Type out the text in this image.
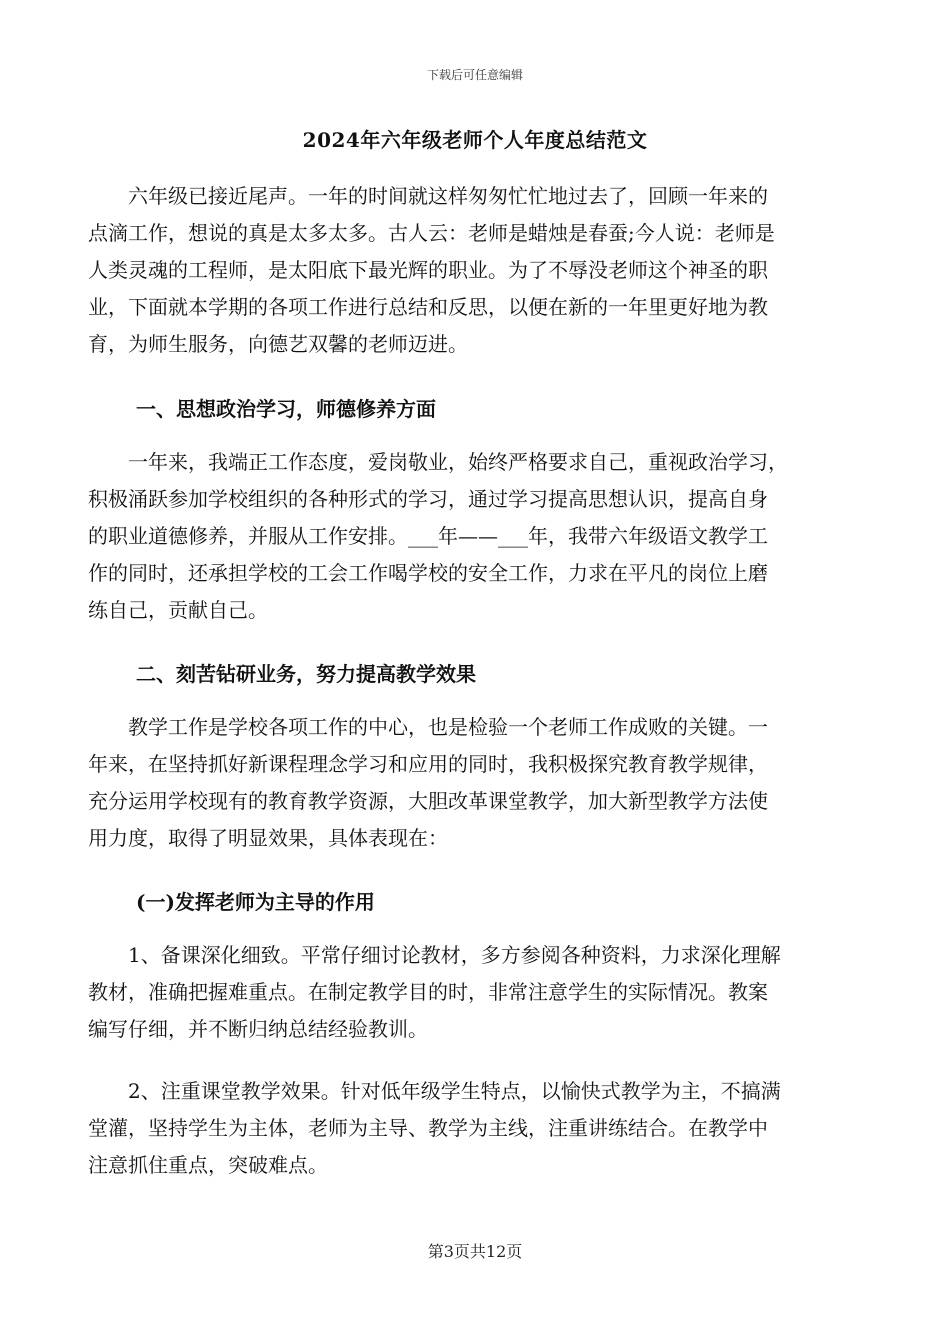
下载后可任意编辑
2024年六年级老师个人年度总结范文
　　六年级已接近尾声。一年的时间就这样匆匆忙忙地过去了，回顾一年来的
点滴工作，想说的真是太多太多。古人云：老师是蜡烛是春蚕;今人说：老师是
人类灵魂的工程师，是太阳底下最光辉的职业。为了不辱没老师这个神圣的职
业，下面就本学期的各项工作进行总结和反思，以便在新的一年里更好地为教
育，为师生服务，向德艺双馨的老师迈进。
一、思想政治学习，师德修养方面
　　一年来，我端正工作态度，爱岗敬业，始终严格要求自己，重视政治学习，
积极涌跃参加学校组织的各种形式的学习，通过学习提高思想认识，提高自身
的职业道德修养，并服从工作安排。___年——___年，我带六年级语文教学工
作的同时，还承担学校的工会工作喝学校的安全工作，力求在平凡的岗位上磨
练自己，贡献自己。
二、刻苦钻研业务，努力提高教学效果
　　教学工作是学校各项工作的中心，也是检验一个老师工作成败的关键。一
年来，在坚持抓好新课程理念学习和应用的同时，我积极探究教育教学规律，
充分运用学校现有的教育教学资源，大胆改革课堂教学，加大新型教学方法使
用力度，取得了明显效果，具体表现在：
(一)发挥老师为主导的作用
　　1、备课深化细致。平常仔细讨论教材，多方参阅各种资料，力求深化理解
教材，准确把握难重点。在制定教学目的时，非常注意学生的实际情况。教案
编写仔细，并不断归纳总结经验教训。
　　2、注重课堂教学效果。针对低年级学生特点，以愉快式教学为主，不搞满
堂灌，坚持学生为主体，老师为主导、教学为主线，注重讲练结合。在教学中
注意抓住重点，突破难点。
第3页共12页
